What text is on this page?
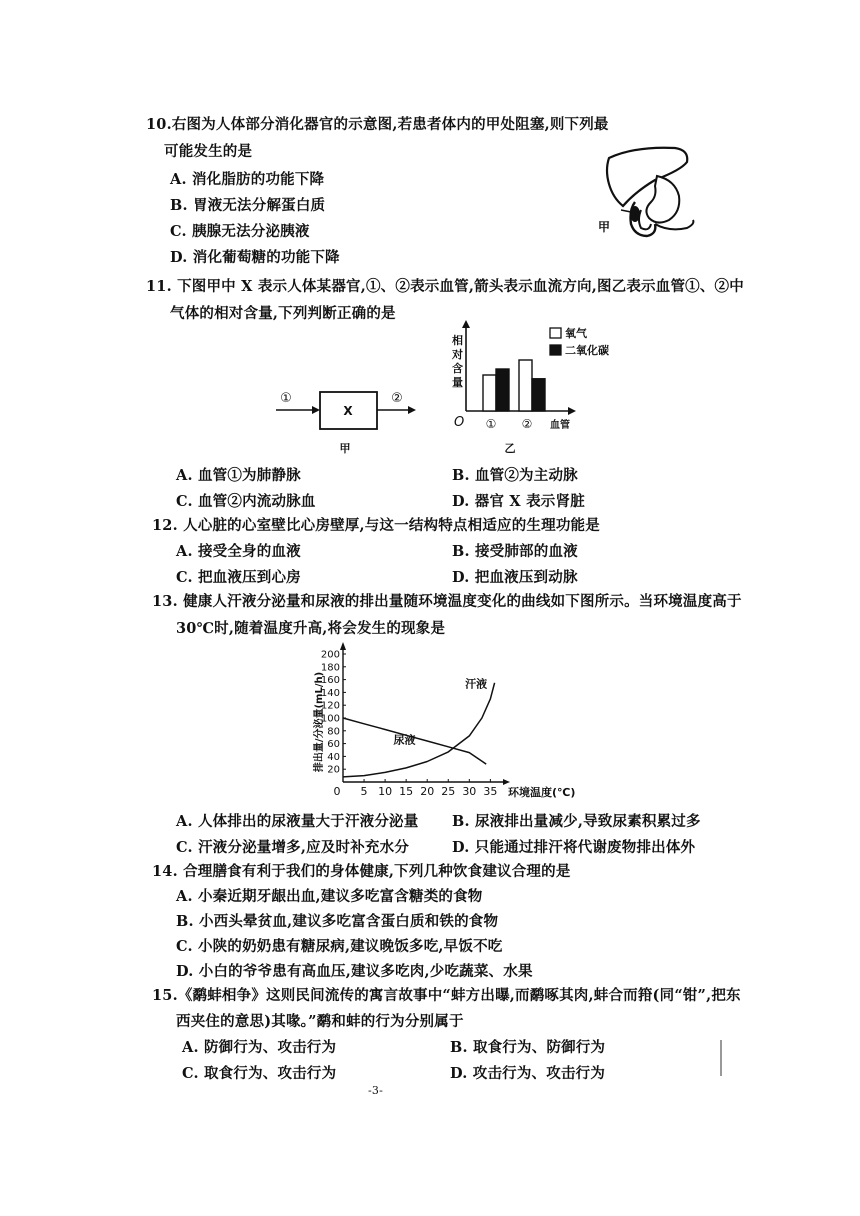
10.右图为人体部分消化器官的示意图,若患者体内的甲处阻塞,则下列最
可能发生的是
A. 消化脂肪的功能下降
B. 胃液无法分解蛋白质
C. 胰腺无法分泌胰液
D. 消化葡萄糖的功能下降
甲
11. 下图甲中 X 表示人体某器官,①、②表示血管,箭头表示血流方向,图乙表示血管①、②中
气体的相对含量,下列判断正确的是
①	②
X
甲
相
对
含
量
O	血管
乙
① ②
氧气
二氧化碳
A. 血管①为肺静脉	B. 血管②为主动脉
C. 血管②内流动脉血	D. 器官 X 表示肾脏
12. 人心脏的心室壁比心房壁厚,与这一结构特点相适应的生理功能是
A. 接受全身的血液	B. 接受肺部的血液
C. 把血液压到心房	D. 把血液压到动脉
13. 健康人汗液分泌量和尿液的排出量随环境温度变化的曲线如下图所示。当环境温度高于
30℃时,随着温度升高,将会发生的现象是
排出量/分泌量(mL/h)
0	环境温度(℃)
5 10 15 20 25 30 35
20
40
60
80
100
120
140
160
180
200
汗液
尿液
A. 人体排出的尿液量大于汗液分泌量 B. 尿液排出量减少,导致尿素积累过多
C. 汗液分泌量增多,应及时补充水分	D. 只能通过排汗将代谢废物排出体外
14. 合理膳食有利于我们的身体健康,下列几种饮食建议合理的是
A. 小秦近期牙龈出血,建议多吃富含糖类的食物
B. 小西头晕贫血,建议多吃富含蛋白质和铁的食物
C. 小陕的奶奶患有糖尿病,建议晚饭多吃,早饭不吃
D. 小白的爷爷患有高血压,建议多吃肉,少吃蔬菜、水果
15.《鹬蚌相争》这则民间流传的寓言故事中“蚌方出曝,而鹬啄其肉,蚌合而箝(同“钳”,把东
西夹住的意思)其喙。”鹬和蚌的行为分别属于
A. 防御行为、攻击行为	B. 取食行为、防御行为
C. 取食行为、攻击行为	D. 攻击行为、攻击行为
-3-
